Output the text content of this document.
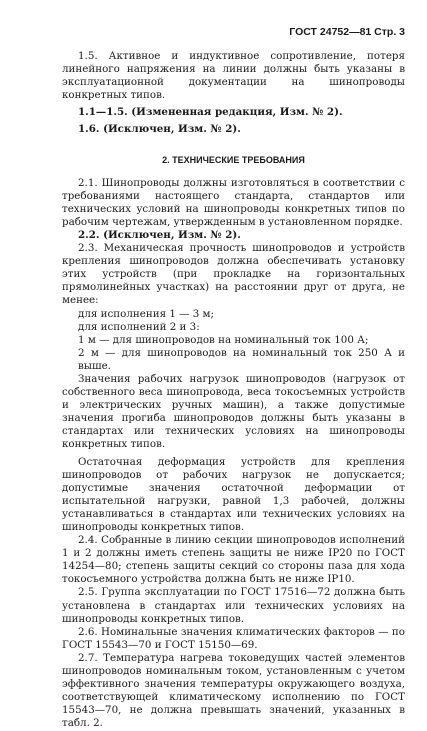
ГОСТ 24752—81 Стр. 3

1.5. Активное и индуктивное сопротивление, потеря линейного напряжения на линии должны быть указаны в эксплуатационной документации на шинопроводы конкретных типов.

1.1—1.5. (Измененная редакция, Изм. № 2).

1.6. (Исключен, Изм. № 2).

2. ТЕХНИЧЕСКИЕ ТРЕБОВАНИЯ

2.1. Шинопроводы должны изготовляться в соответствии с требованиями настоящего стандарта, стандартов или технических условий на шинопроводы конкретных типов по рабочим чертежам, утвержденным в установленном порядке.

2.2. (Исключен, Изм. № 2).

2.3. Механическая прочность шинопроводов и устройств крепления шинопроводов должна обеспечивать установку этих устройств (при прокладке на горизонтальных прямолинейных участках) на расстоянии друг от друга, не менее:

для исполнения 1 — 3 м;

для исполнений 2 и 3:

1 м — для шинопроводов на номинальный ток 100 А;

2 м — для шинопроводов на номинальный ток 250 А и выше.

Значения рабочих нагрузок шинопроводов (нагрузок от собственного веса шинопровода, веса токосъемных устройств и электрических ручных машин), а также допустимые значения прогиба шинопроводов должны быть указаны в стандартах или технических условиях на шинопроводы конкретных типов.

Остаточная деформация устройств для крепления шинопроводов от рабочих нагрузок не допускается; допустимые значения остаточной деформации от испытательной нагрузки, равной 1,3 рабочей, должны устанавливаться в стандартах или технических условиях на шинопроводы конкретных типов.

2.4. Собранные в линию секции шинопроводов исполнений 1 и 2 должны иметь степень защиты не ниже IP20 по ГОСТ 14254—80; степень защиты секций со стороны паза для хода токосъемного устройства должна быть не ниже IP10.

2.5. Группа эксплуатации по ГОСТ 17516—72 должна быть установлена в стандартах или технических условиях на шинопроводы конкретных типов.

2.6. Номинальные значения климатических факторов — по ГОСТ 15543—70 и ГОСТ 15150—69.

2.7. Температура нагрева токоведущих частей элементов шинопроводов номинальным током, установленным с учетом эффективного значения температуры окружающего воздуха, соответствующей климатическому исполнению по ГОСТ 15543—70, не должна превышать значений, указанных в табл. 2.
